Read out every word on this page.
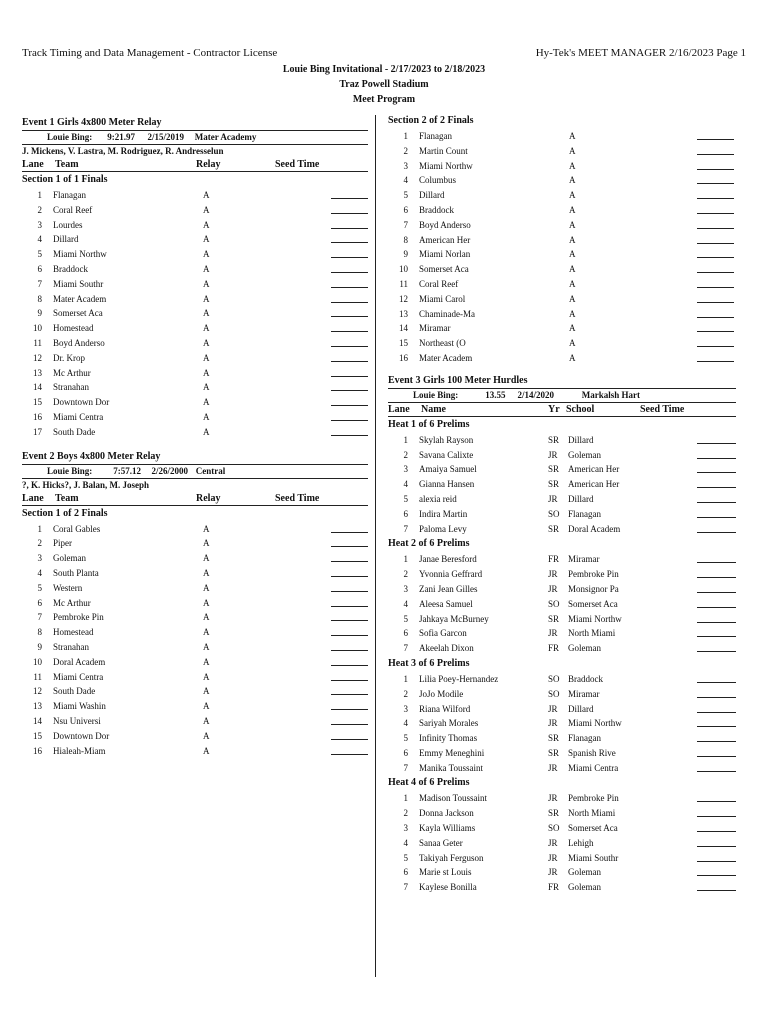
Track Timing and Data Management - Contractor License	Hy-Tek's MEET MANAGER 2/16/2023 Page 1
Louie Bing Invitational - 2/17/2023 to 2/18/2023
Traz Powell Stadium
Meet Program
Event 1 Girls 4x800 Meter Relay
Louie Bing: 9:21.97 2/15/2019 Mater Academy
J. Mickens, V. Lastra, M. Rodriguez, R. Andresselun
Lane Team	Relay	Seed Time
Section 1 of 1 Finals
1 Flanagan	A
2 Coral Reef	A
3 Lourdes	A
4 Dillard	A
5 Miami Northw	A
6 Braddock	A
7 Miami Southr	A
8 Mater Academ	A
9 Somerset Aca	A
10 Homestead	A
11 Boyd Anderso	A
12 Dr. Krop	A
13 Mc Arthur	A
14 Stranahan	A
15 Downtown Dor	A
16 Miami Centra	A
17 South Dade	A
Event 2 Boys 4x800 Meter Relay
Louie Bing: 7:57.12 2/26/2000 Central
?, K. Hicks?, J. Balan, M. Joseph
Lane Team	Relay	Seed Time
Section 1 of 2 Finals
1 Coral Gables	A
2 Piper	A
3 Goleman	A
4 South Planta	A
5 Western	A
6 Mc Arthur	A
7 Pembroke Pin	A
8 Homestead	A
9 Stranahan	A
10 Doral Academ	A
11 Miami Centra	A
12 South Dade	A
13 Miami Washin	A
14 Nsu Universi	A
15 Downtown Dor	A
16 Hialeah-Miam	A
Section 2 of 2 Finals
1 Flanagan	A
2 Martin Count	A
3 Miami Northw	A
4 Columbus	A
5 Dillard	A
6 Braddock	A
7 Boyd Anderso	A
8 American Her	A
9 Miami Norlan	A
10 Somerset Aca	A
11 Coral Reef	A
12 Miami Carol	A
13 Chaminade-Ma	A
14 Miramar	A
15 Northeast (O	A
16 Mater Academ	A
Event 3 Girls 100 Meter Hurdles
Louie Bing:	13.55 2/14/2020	Markalsh Hart
Lane Name	Yr School	Seed Time
Heat 1 of 6 Prelims
1 Skylah Rayson	SR Dillard
2 Savana Calixte	JR Goleman
3 Amaiya Samuel	SR American Her
4 Gianna Hansen	SR American Her
5 alexia reid	JR Dillard
6 Indira Martin	SO Flanagan
7 Paloma Levy	SR Doral Academ
Heat 2 of 6 Prelims
1 Janae Beresford	FR Miramar
2 Yvonnia Geffrard	JR Pembroke Pin
3 Zani Jean Gilles	JR Monsignor Pa
4 Aleesa Samuel	SO Somerset Aca
5 Jahkaya McBurney	SR Miami Northw
6 Sofia Garcon	JR North Miami
7 Akeelah Dixon	FR Goleman
Heat 3 of 6 Prelims
1 Lilia Poey-Hernandez	SO Braddock
2 JoJo Modile	SO Miramar
3 Riana Wilford	JR Dillard
4 Sariyah Morales	JR Miami Northw
5 Infinity Thomas	SR Flanagan
6 Emmy Meneghini	SR Spanish Rive
7 Manika Toussaint	JR Miami Centra
Heat 4 of 6 Prelims
1 Madison Toussaint	JR Pembroke Pin
2 Donna Jackson	SR North Miami
3 Kayla Williams	SO Somerset Aca
4 Sanaa Geter	JR Lehigh
5 Takiyah Ferguson	JR Miami Southr
6 Marie st Louis	JR Goleman
7 Kaylese Bonilla	FR Goleman
